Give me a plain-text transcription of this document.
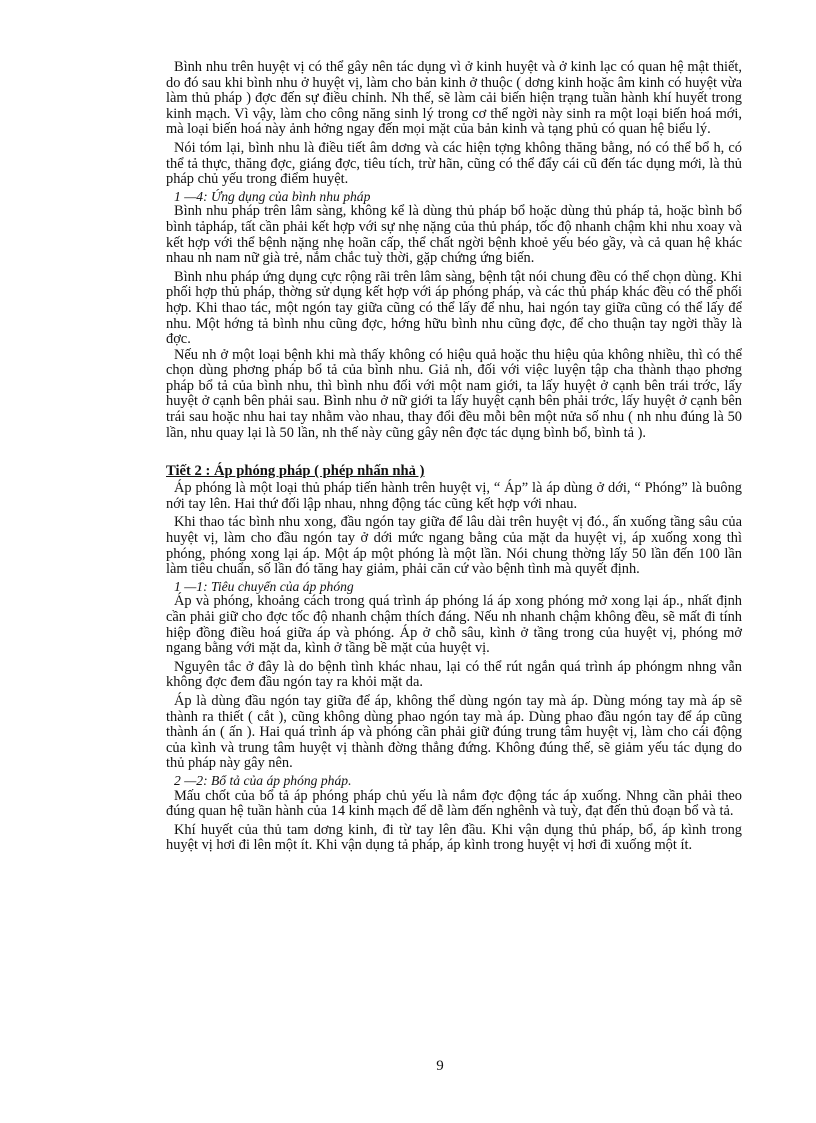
Bình nhu trên huyệt vị có thể gây nên tác dụng vì ở kinh huyệt và ở kinh lạc có quan hệ mật thiết, do đó sau khi bình nhu ở huyệt vị, làm cho bản kinh ở thuộc ( dơng kinh hoặc âm kinh có huyệt vừa làm thủ pháp ) đợc đến sự điều chỉnh. Nh thế, sẽ làm cải biến hiện trạng tuần hành khí huyết trong kinh mạch. Vì vậy, làm cho công năng sinh lý trong cơ thể ngời này sinh ra một loại biến hoá mới, mà loại biến hoá này ảnh hởng ngay đến mọi mặt của bản kinh và tạng phủ có quan hệ biểu lý.

Nói tóm lại, bình nhu là điều tiết âm dơng và các hiện tợng không thăng bằng, nó có thể bổ h, có thể tả thực, thăng đợc, giáng đợc, tiêu tích, trừ hãn, cũng có thể đẩy cái cũ đến tác dụng mới, là thủ pháp chủ yếu trong điểm huyệt.

1 —4: Ứng dụng của bình nhu pháp

Bình nhu pháp trên lâm sàng, không kể là dùng thủ pháp bổ hoặc dùng thủ pháp tả, hoặc bình bổ bình tảpháp, tất cần phải kết hợp với sự nhẹ nặng của thủ pháp, tốc độ nhanh chậm khi nhu xoay và kết hợp với thể bệnh nặng nhẹ hoãn cấp, thể chất ngời bệnh khoẻ yếu béo gầy, và cả quan hệ khác nhau nh nam nữ già trẻ, nắm chắc tuỳ thời, gặp chứng ứng biến.

Bình nhu pháp ứng dụng cực rộng rãi trên lâm sàng, bệnh tật nói chung đều có thể chọn dùng. Khi phối hợp thủ pháp, thờng sử dụng kết hợp với áp phóng pháp, và các thủ pháp khác đều có thể phối hợp. Khi thao tác, một ngón tay giữa cũng có thể lấy để nhu, hai ngón tay giữa cũng có thể lấy để nhu. Một hớng tả bình nhu cũng đợc, hớng hữu bình nhu cũng đợc, để cho thuận tay ngời thầy là đợc.

Nếu nh ở một loại bệnh khi mà thấy không có hiệu quả hoặc thu hiệu qủa không nhiều, thì có thể chọn dùng phơng pháp bổ tả của bình nhu. Giả nh, đối với việc luyện tập cha thành thạo phơng pháp bổ tả của bình nhu, thì bình nhu đối với một nam giới, ta lấy huyệt ở cạnh bên trái trớc, lấy huyệt ở cạnh bên phải sau. Bình nhu ở nữ giới ta lấy huyệt cạnh bên phải trớc, lấy huyệt ở cạnh bên trái sau hoặc nhu hai tay nhằm vào nhau, thay đổi đều mỗi bên một nửa số nhu ( nh nhu đúng là 50 lần, nhu quay lại là 50 lần, nh thế này cũng gây nên đợc tác dụng bình bổ, bình tả ).

Tiết 2 : Áp phóng pháp ( phép nhấn nhả )

Áp phóng là một loại thủ pháp tiến hành trên huyệt vị, “ Áp” là áp dùng ở dới, “ Phóng” là buông nới tay lên. Hai thứ đối lập nhau, nhng động tác cũng kết hợp với nhau.

Khi thao tác bình nhu xong, đầu ngón tay giữa để lâu dài trên huyệt vị đó., ấn xuống tầng sâu của huyệt vị, làm cho đầu ngón tay ở dới mức ngang bằng của mặt da huyệt vị, áp xuống xong thì phóng, phóng xong lại áp. Một áp một phóng là một lần. Nói chung thờng lấy 50 lần đến 100 lần làm tiêu chuẩn, số lần đó tăng hay giảm, phải căn cứ vào bệnh tình mà quyết định.

1 —1: Tiêu chuyển của áp phóng

Áp và phóng, khoảng cách trong quá trình áp phóng lá áp xong phóng mở xong lại áp., nhất định cần phải giữ cho đợc tốc độ nhanh chậm thích đáng. Nếu nh nhanh chậm không đều, sẽ mất đi tính hiệp đồng điều hoá giữa áp và phóng. Áp ở chỗ sâu, kình ở tầng trong của huyệt vị, phóng mở ngang bằng với mặt da, kình ở tầng bề mặt của huyệt vị.

Nguyên tắc ở đây là do bệnh tình khác nhau, lại có thể rút ngắn quá trình áp phóngm nhng vẫn không đợc đem đầu ngón tay ra khỏi mặt da.

Áp là dùng đầu ngón tay giữa để áp, không thể dùng ngón tay mà áp. Dùng móng tay mà áp sẽ thành ra thiết ( cắt ), cũng không dùng phao ngón tay mà áp. Dùng phao đầu ngón tay để áp cũng thành án ( ấn ). Hai quá trình áp và phóng cần phải giữ đúng trung tâm huyệt vị, làm cho cái động của kình và trung tâm huyệt vị thành đờng thẳng đứng. Không đúng thế, sẽ giảm yếu tác dụng do thủ pháp này gây nên.

2 —2: Bổ tả của áp phóng pháp.

Mấu chốt của bổ tả áp phóng pháp chủ yếu là nắm đợc động tác áp xuống. Nhng cần phải theo đúng quan hệ tuần hành của 14 kinh mạch để dễ làm đến nghênh và tuỳ, đạt đến thủ đoạn bổ và tả.

Khí huyết của thủ tam dơng kinh, đi từ tay lên đầu. Khi vận dụng thủ pháp, bổ, áp kình trong huyệt vị hơi đi lên một ít. Khi vận dụng tả pháp, áp kình trong huyệt vị hơi đi xuống một ít.

9
